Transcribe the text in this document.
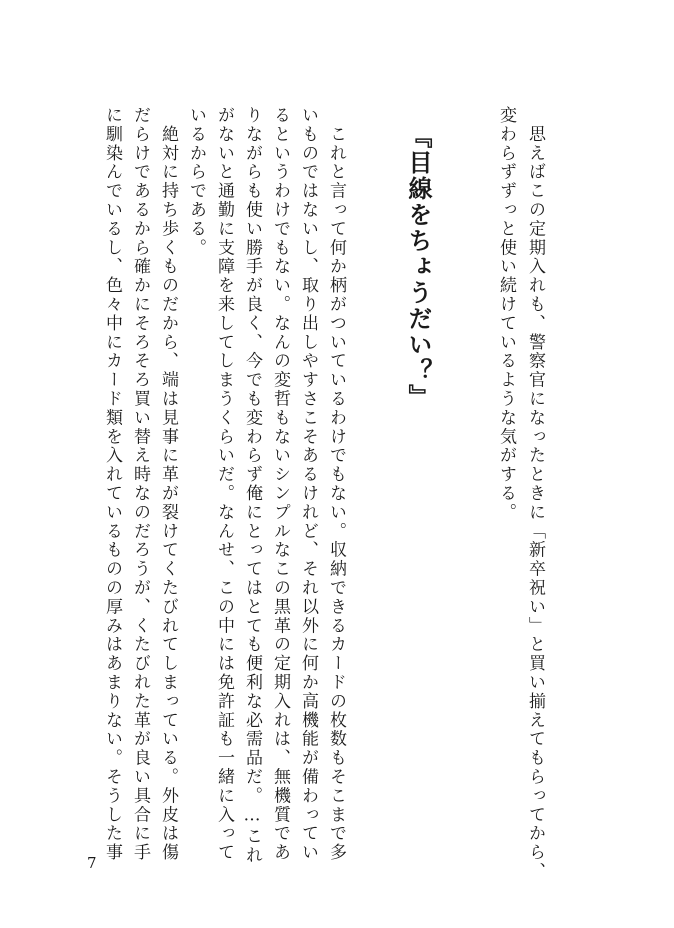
　思えばこの定期入れも、警察官になったときに「新卒祝い」と買い揃えてもらってから、
変わらずずっと使い続けているような気がする。
『目線をちょうだい？』
　これと言って何か柄がついているわけでもない。収納できるカードの枚数もそこまで多
いものではないし、取り出しやすさこそあるけれど、それ以外に何か高機能が備わってい
るというわけでもない。なんの変哲もないシンプルなこの黒革の定期入れは、無機質であ
りながらも使い勝手が良く、今でも変わらず俺にとってはとても便利な必需品だ。…これ
がないと通勤に支障を来してしまうくらいだ。なんせ、この中には免許証も一緒に入って
いるからである。
　絶対に持ち歩くものだから、端は見事に革が裂けてくたびれてしまっている。外皮は傷
だらけであるから確かにそろそろ買い替え時なのだろうが、くたびれた革が良い具合に手
に馴染んでいるし、色々中にカード類を入れているものの厚みはあまりない。そうした事
7
